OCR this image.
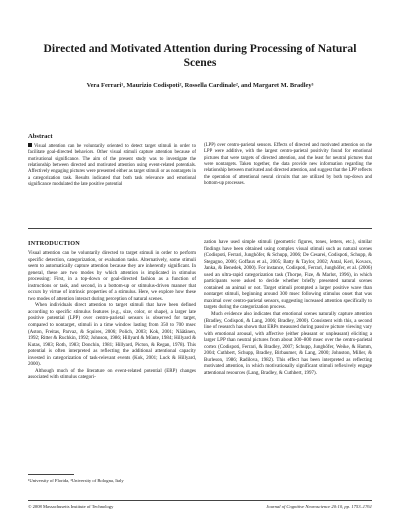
Directed and Motivated Attention during Processing of Natural Scenes
Vera Ferrari¹, Maurizio Codispoti², Rossella Cardinale², and Margaret M. Bradley³
Abstract

Visual attention can be voluntarily oriented to detect target stimuli in order to facilitate goal-directed behaviors. Other visual stimuli capture attention because of motivational significance. The aim of the present study was to investigate the relationship between directed and motivated attention using event-related potentials. Affectively engaging pictures were presented either as target stimuli or as nontargets in a categorization task. Results indicated that both task relevance and emotional significance modulated the late positive potential

(LPP) over centro-parietal sensors. Effects of directed and motivated attention on the LPP were additive, with the largest centro-parietal positivity found for emotional pictures that were targets of directed attention, and the least for neutral pictures that were nontargets. Taken together, the data provide new information regarding the relationship between motivated and directed attention, and suggest that the LPP reflects the operation of attentional neural circuits that are utilized by both top-down and bottom-up processes.

INTRODUCTION

Visual attention can be voluntarily directed to target stimuli in order to perform specific detection, categorization, or evaluation tasks. Alternatively, some stimuli seem to automatically capture attention because they are inherently significant. In general, these are two modes by which attention is implicated in stimulus processing: First, in a top-down or goal-directed fashion as a function of instructions or task, and second, in a bottom-up or stimulus-driven manner that occurs by virtue of intrinsic properties of a stimulus. Here, we explore how these two modes of attention interact during perception of natural scenes.

When individuals direct attention to target stimuli that have been defined according to specific stimulus features (e.g., size, color, or shape), a larger late positive potential (LPP) over centro-parietal sensors is observed for target, compared to nontarget, stimuli in a time window lasting from 350 to 700 msec (Aston, Freitas, Parvaz, & Squires, 2006; Polich, 2003; Kok, 2001; Näätänen, 1992; Ritter & Ruchkin, 1992; Johnson, 1986; Hillyard & Münte, 1984; Hillyard & Kutas, 1983; Roth, 1983; Donchin, 1981; Hillyard, Picton, & Regan, 1978). This potential is often interpreted as reflecting the additional attentional capacity invested in categorization of task-relevant events (Kok, 2001; Luck & Hillyard, 2000).

Although much of the literature on event-related potential (ERP) changes associated with stimulus categori-

zation have used simple stimuli (geometric figures, tones, letters, etc.), similar findings have been obtained using complex visual stimuli such as natural scenes (Codispoti, Ferrari, Junghöfer, & Schupp, 2006; De Cesarei, Codispoti, Schupp, & Stegagno, 2006; Goffaux et al., 2005; Batty & Taylor, 2002; Antal, Keri, Kovacs, Janka, & Benedek, 2000). For instance, Codispoti, Ferrari, Junghöfer, et al. (2006) used an ultra-rapid categorization task (Thorpe, Fize, & Marlot, 1996), in which participants were asked to decide whether briefly presented natural scenes contained an animal or not. Target stimuli prompted a larger positive wave than nontarget stimuli, beginning around 300 msec following stimulus onset that was maximal over centro-parietal sensors, suggesting increased attention specifically to targets during the categorization process.

Much evidence also indicates that emotional scenes naturally capture attention (Bradley, Codispoti, & Lang, 2006; Bradley, 2000). Consistent with this, a second line of research has shown that ERPs measured during passive picture viewing vary with emotional arousal, with affective (either pleasant or unpleasant) eliciting a larger LPP than neutral pictures from about 300–800 msec over the centro-parietal cortex (Codispoti, Ferrari, & Bradley, 2007; Schupp, Junghöfer, Weike, & Hamm, 2004; Cuthbert, Schupp, Bradley, Birbaumer, & Lang, 2000; Johnston, Miller, & Burleson, 1986; Radilova, 1982). This effect has been interpreted as reflecting motivated attention, in which motivationally significant stimuli reflexively engage attentional resources (Lang, Bradley, & Cuthbert, 1997).

¹University of Florida, ²University of Bologna, Italy
© 2008 Massachusetts Institute of Technology	Journal of Cognitive Neuroscience 20:10, pp. 1753–1761
